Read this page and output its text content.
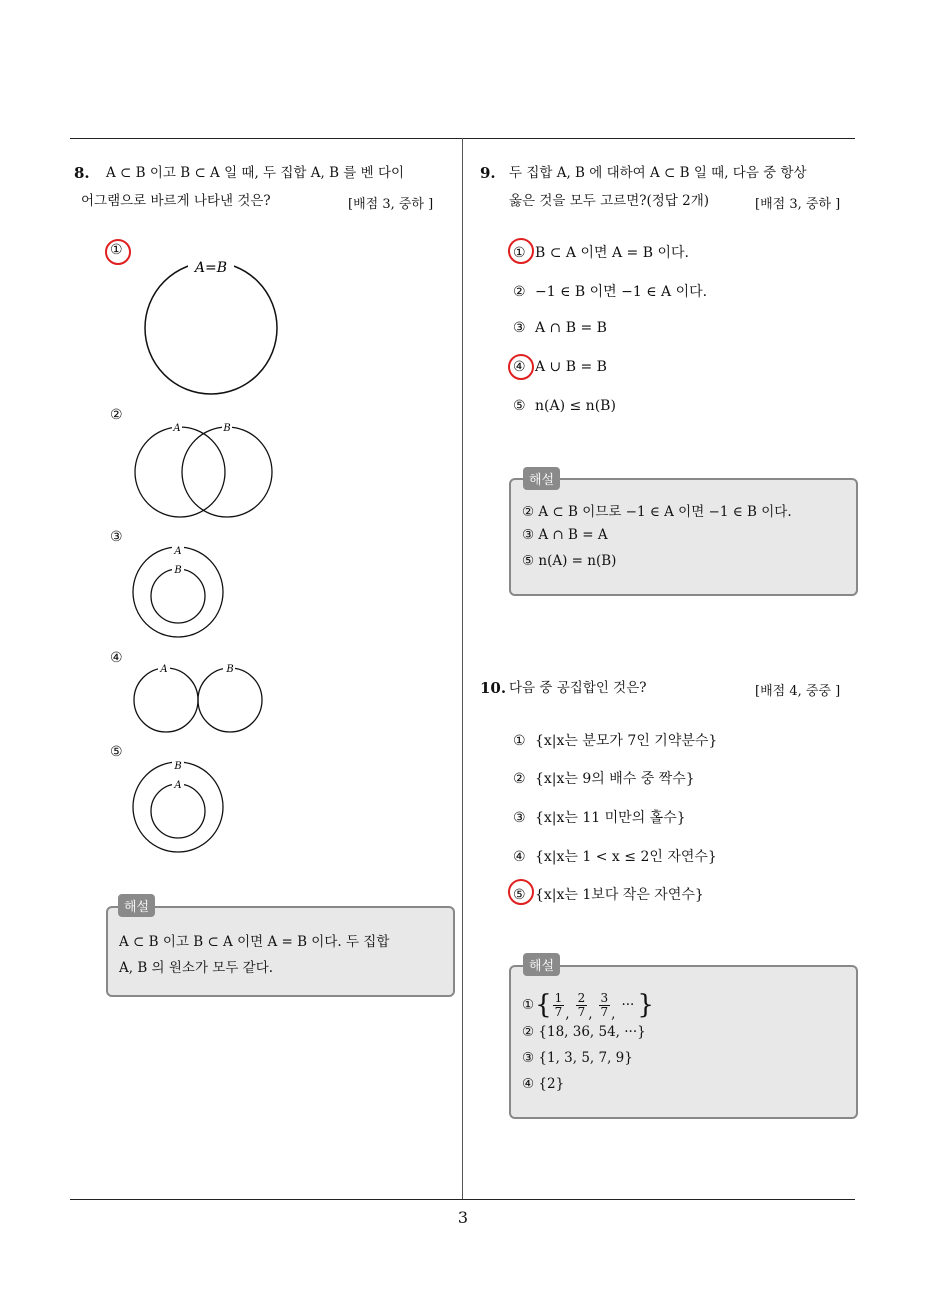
8. A ⊂ B 이고 B ⊂ A 일 때, 두 집합 A, B 를 벤 다이
어그램으로 바르게 나타낸 것은?	[배점 3, 중하 ]
①
A=B
②
A	B
③
A
B
④
A	B
⑤
B
A
해설
A ⊂ B 이고 B ⊂ A 이면 A = B 이다. 두 집합
A, B 의 원소가 모두 같다.
9. 두 집합 A, B 에 대하여 A ⊂ B 일 때, 다음 중 항상
옳은 것을 모두 고르면?(정답 2개)	[배점 3, 중하 ]
① B ⊂ A 이면 A = B 이다.
② −1 ∈ B 이면 −1 ∈ A 이다.
③ A ∩ B = B
④ A ∪ B = B
⑤ n(A) ≤ n(B)
해설
② A ⊂ B 이므로 −1 ∈ A 이면 −1 ∈ B 이다.
③ A ∩ B = A
⑤ n(A) = n(B)
10. 다음 중 공집합인 것은?	[배점 4, 중중 ]
① {x|x는 분모가 7인 기약분수}
② {x|x는 9의 배수 중 짝수}
③ {x|x는 11 미만의 홀수}
④ {x|x는 1 < x ≤ 2인 자연수}
⑤ {x|x는 1보다 작은 자연수}
해설
① { $\frac{1}{7}$ , $\frac{2}{7}$ , $\frac{3}{7}$ ,
··· }
② {18, 36, 54, ···}
③ {1, 3, 5, 7, 9}
④ {2}
3
